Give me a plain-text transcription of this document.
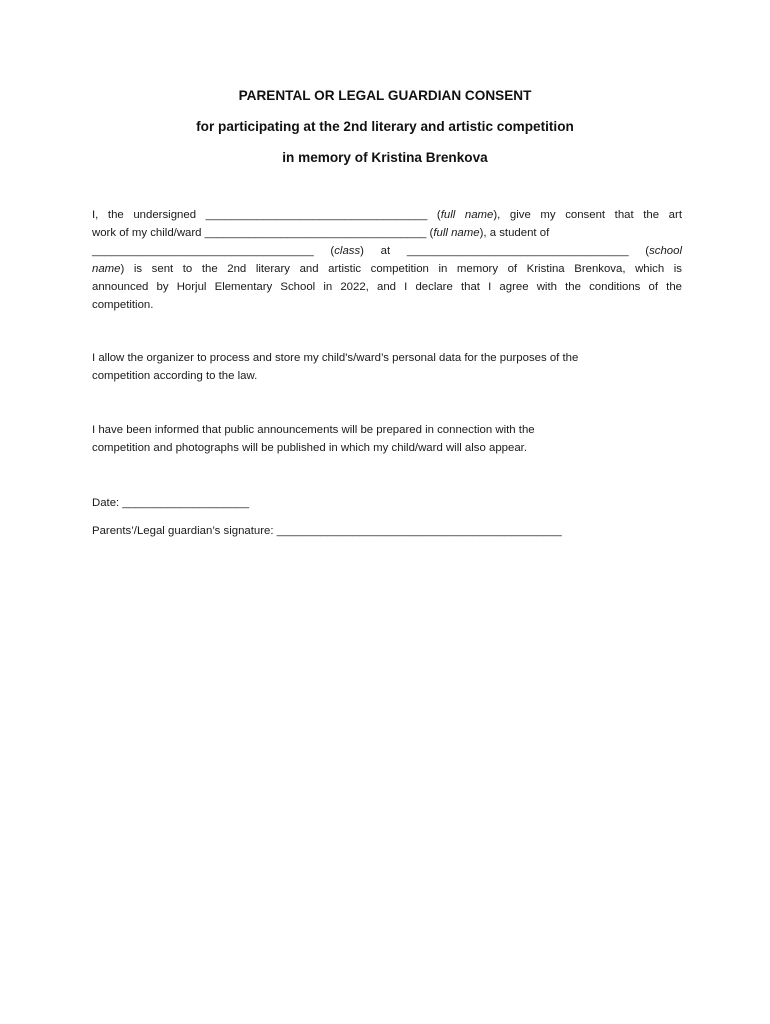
PARENTAL OR LEGAL GUARDIAN CONSENT
for participating at the 2nd literary and artistic competition
in memory of Kristina Brenkova
I, the undersigned ___________________________________ (full name), give my consent that the art
work of my child/ward ___________________________________ (full name), a student of
___________________________________ (class) at ___________________________________ (school
name) is sent to the 2nd literary and artistic competition in memory of Kristina Brenkova, which is
announced by Horjul Elementary School in 2022, and I declare that I agree with the conditions of the
competition.
I allow the organizer to process and store my child's/ward’s personal data for the purposes of the
competition according to the law.
I have been informed that public announcements will be prepared in connection with the
competition and photographs will be published in which my child/ward will also appear.
Date: ____________________
Parents’/Legal guardian’s signature: _____________________________________________
